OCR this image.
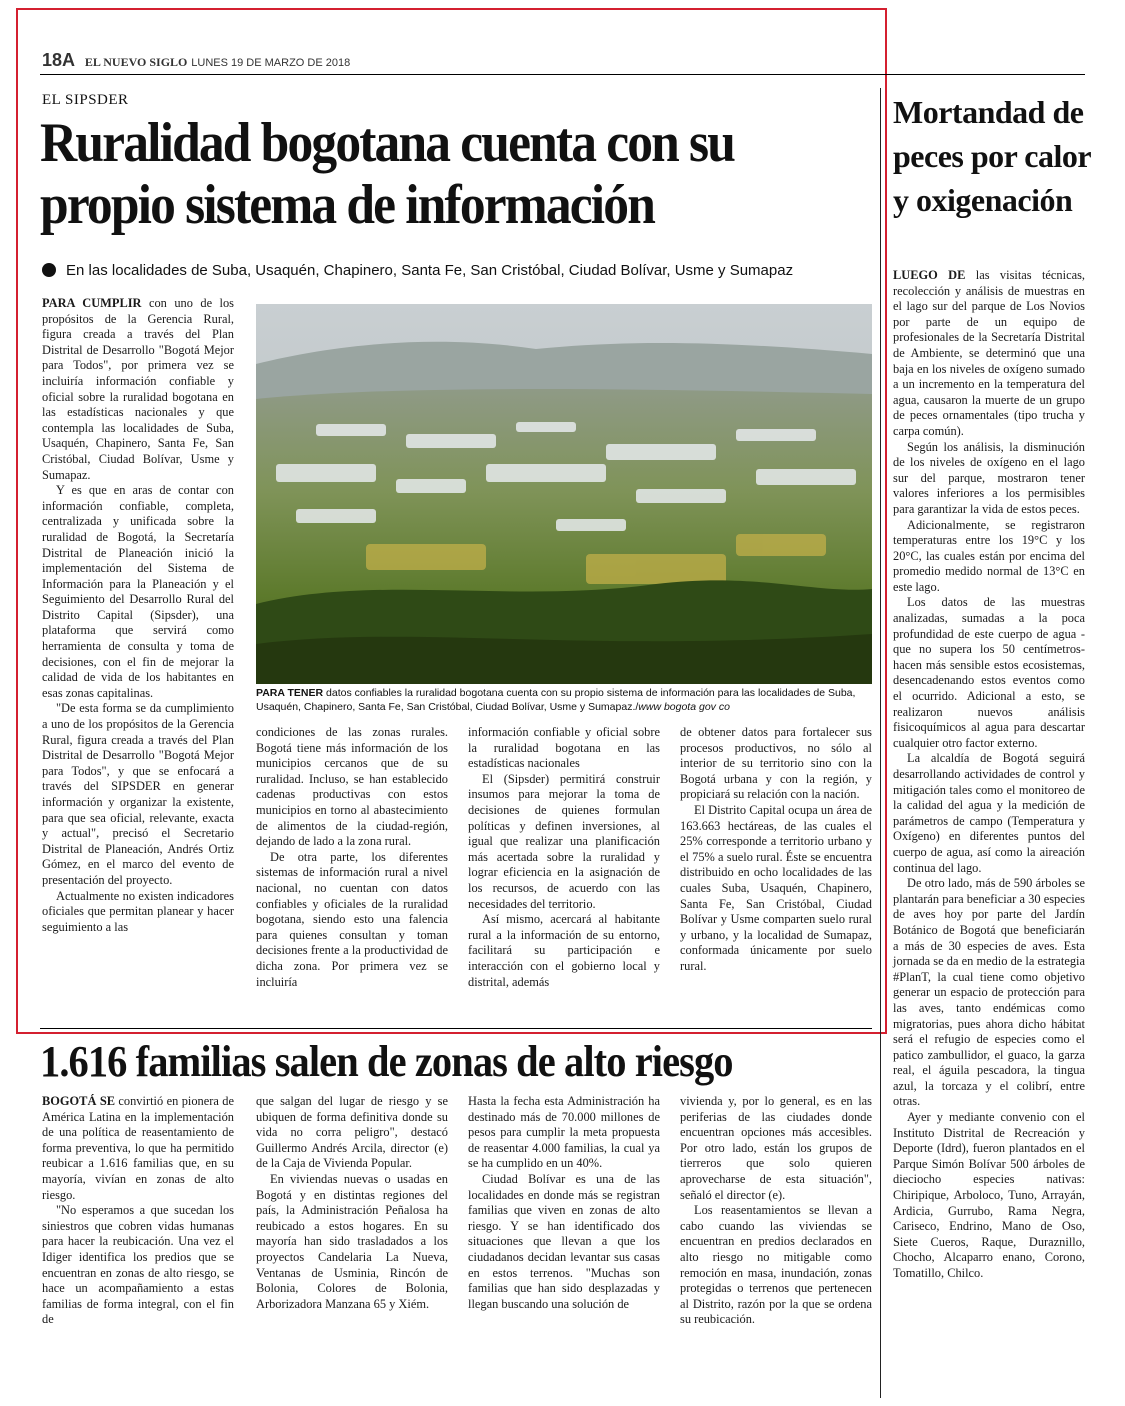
18A EL NUEVO SIGLO LUNES 19 DE MARZO DE 2018
EL SIPSDER
Ruralidad bogotana cuenta con su propio sistema de información
En las localidades de Suba, Usaquén, Chapinero, Santa Fe, San Cristóbal, Ciudad Bolívar, Usme y Sumapaz

PARA CUMPLIR con uno de los propósitos de la Gerencia Rural, figura creada a través del Plan Distrital de Desarrollo "Bogotá Mejor para Todos", por primera vez se incluiría información confiable y oficial sobre la ruralidad bogotana en las estadísticas nacionales y que contempla las localidades de Suba, Usaquén, Chapinero, Santa Fe, San Cristóbal, Ciudad Bolívar, Usme y Sumapaz.

Y es que en aras de contar con información confiable, completa, centralizada y unificada sobre la ruralidad de Bogotá, la Secretaría Distrital de Planeación inició la implementación del Sistema de Información para la Planeación y el Seguimiento del Desarrollo Rural del Distrito Capital (Sipsder), una plataforma que servirá como herramienta de consulta y toma de decisiones, con el fin de mejorar la calidad de vida de los habitantes en esas zonas capitalinas.

"De esta forma se da cumplimiento a uno de los propósitos de la Gerencia Rural, figura creada a través del Plan Distrital de Desarrollo "Bogotá Mejor para Todos", y que se enfocará a través del SIPSDER en generar información y organizar la existente, para que sea oficial, relevante, exacta y actual", precisó el Secretario Distrital de Planeación, Andrés Ortiz Gómez, en el marco del evento de presentación del proyecto.

Actualmente no existen indicadores oficiales que permitan planear y hacer seguimiento a las

PARA TENER datos confiables la ruralidad bogotana cuenta con su propio sistema de información para las localidades de Suba, Usaquén, Chapinero, Santa Fe, San Cristóbal, Ciudad Bolívar, Usme y Sumapaz./www bogota gov co

condiciones de las zonas rurales. Bogotá tiene más información de los municipios cercanos que de su ruralidad. Incluso, se han establecido cadenas productivas con estos municipios en torno al abastecimiento de alimentos de la ciudad-región, dejando de lado a la zona rural.

De otra parte, los diferentes sistemas de información rural a nivel nacional, no cuentan con datos confiables y oficiales de la ruralidad bogotana, siendo esto una falencia para quienes consultan y toman decisiones frente a la productividad de dicha zona. Por primera vez se incluiría

información confiable y oficial sobre la ruralidad bogotana en las estadísticas nacionales

El (Sipsder) permitirá construir insumos para mejorar la toma de decisiones de quienes formulan políticas y definen inversiones, al igual que realizar una planificación más acertada sobre la ruralidad y lograr eficiencia en la asignación de los recursos, de acuerdo con las necesidades del territorio.

Así mismo, acercará al habitante rural a la información de su entorno, facilitará su participación e interacción con el gobierno local y distrital, además

de obtener datos para fortalecer sus procesos productivos, no sólo al interior de su territorio sino con la Bogotá urbana y con la región, y propiciará su relación con la nación.

El Distrito Capital ocupa un área de 163.663 hectáreas, de las cuales el 25% corresponde a territorio urbano y el 75% a suelo rural. Éste se encuentra distribuido en ocho localidades de las cuales Suba, Usaquén, Chapinero, Santa Fe, San Cristóbal, Ciudad Bolívar y Usme comparten suelo rural y urbano, y la localidad de Sumapaz, conformada únicamente por suelo rural.

Mortandad de peces por calor y oxigenación

LUEGO DE las visitas técnicas, recolección y análisis de muestras en el lago sur del parque de Los Novios por parte de un equipo de profesionales de la Secretaría Distrital de Ambiente, se determinó que una baja en los niveles de oxígeno sumado a un incremento en la temperatura del agua, causaron la muerte de un grupo de peces ornamentales (tipo trucha y carpa común).

Según los análisis, la disminución de los niveles de oxígeno en el lago sur del parque, mostraron tener valores inferiores a los permisibles para garantizar la vida de estos peces.

Adicionalmente, se registraron temperaturas entre los 19°C y los 20°C, las cuales están por encima del promedio medido normal de 13°C en este lago.

Los datos de las muestras analizadas, sumadas a la poca profundidad de este cuerpo de agua -que no supera los 50 centímetros- hacen más sensible estos ecosistemas, desencadenando estos eventos como el ocurrido. Adicional a esto, se realizaron nuevos análisis fisicoquímicos al agua para descartar cualquier otro factor externo.

La alcaldía de Bogotá seguirá desarrollando actividades de control y mitigación tales como el monitoreo de la calidad del agua y la medición de parámetros de campo (Temperatura y Oxígeno) en diferentes puntos del cuerpo de agua, así como la aireación continua del lago.

De otro lado, más de 590 árboles se plantarán para beneficiar a 30 especies de aves hoy por parte del Jardín Botánico de Bogotá que beneficiarán a más de 30 especies de aves. Esta jornada se da en medio de la estrategia #PlanT, la cual tiene como objetivo generar un espacio de protección para las aves, tanto endémicas como migratorias, pues ahora dicho hábitat será el refugio de especies como el patico zambullidor, el guaco, la garza real, el águila pescadora, la tingua azul, la torcaza y el colibrí, entre otras.

Ayer y mediante convenio con el Instituto Distrital de Recreación y Deporte (Idrd), fueron plantados en el Parque Simón Bolívar 500 árboles de dieciocho especies nativas: Chiripique, Arboloco, Tuno, Arrayán, Ardicia, Gurrubo, Rama Negra, Cariseco, Endrino, Mano de Oso, Siete Cueros, Raque, Duraznillo, Chocho, Alcaparro enano, Corono, Tomatillo, Chilco.

1.616 familias salen de zonas de alto riesgo

BOGOTÁ SE convirtió en pionera de América Latina en la implementación de una política de reasentamiento de forma preventiva, lo que ha permitido reubicar a 1.616 familias que, en su mayoría, vivían en zonas de alto riesgo.

"No esperamos a que sucedan los siniestros que cobren vidas humanas para hacer la reubicación. Una vez el Idiger identifica los predios que se encuentran en zonas de alto riesgo, se hace un acompañamiento a estas familias de forma integral, con el fin de

que salgan del lugar de riesgo y se ubiquen de forma definitiva donde su vida no corra peligro", destacó Guillermo Andrés Arcila, director (e) de la Caja de Vivienda Popular.

En viviendas nuevas o usadas en Bogotá y en distintas regiones del país, la Administración Peñalosa ha reubicado a estos hogares. En su mayoría han sido trasladados a los proyectos Candelaria La Nueva, Ventanas de Usminia, Rincón de Bolonia, Colores de Bolonia, Arborizadora Manzana 65 y Xiém.

Hasta la fecha esta Administración ha destinado más de 70.000 millones de pesos para cumplir la meta propuesta de reasentar 4.000 familias, la cual ya se ha cumplido en un 40%.

Ciudad Bolívar es una de las localidades en donde más se registran familias que viven en zonas de alto riesgo. Y se han identificado dos situaciones que llevan a que los ciudadanos decidan levantar sus casas en estos terrenos. "Muchas son familias que han sido desplazadas y llegan buscando una solución de

vivienda y, por lo general, es en las periferias de las ciudades donde encuentran opciones más accesibles. Por otro lado, están los grupos de tierreros que solo quieren aprovecharse de esta situación", señaló el director (e).

Los reasentamientos se llevan a cabo cuando las viviendas se encuentran en predios declarados en alto riesgo no mitigable como remoción en masa, inundación, zonas protegidas o terrenos que pertenecen al Distrito, razón por la que se ordena su reubicación.
